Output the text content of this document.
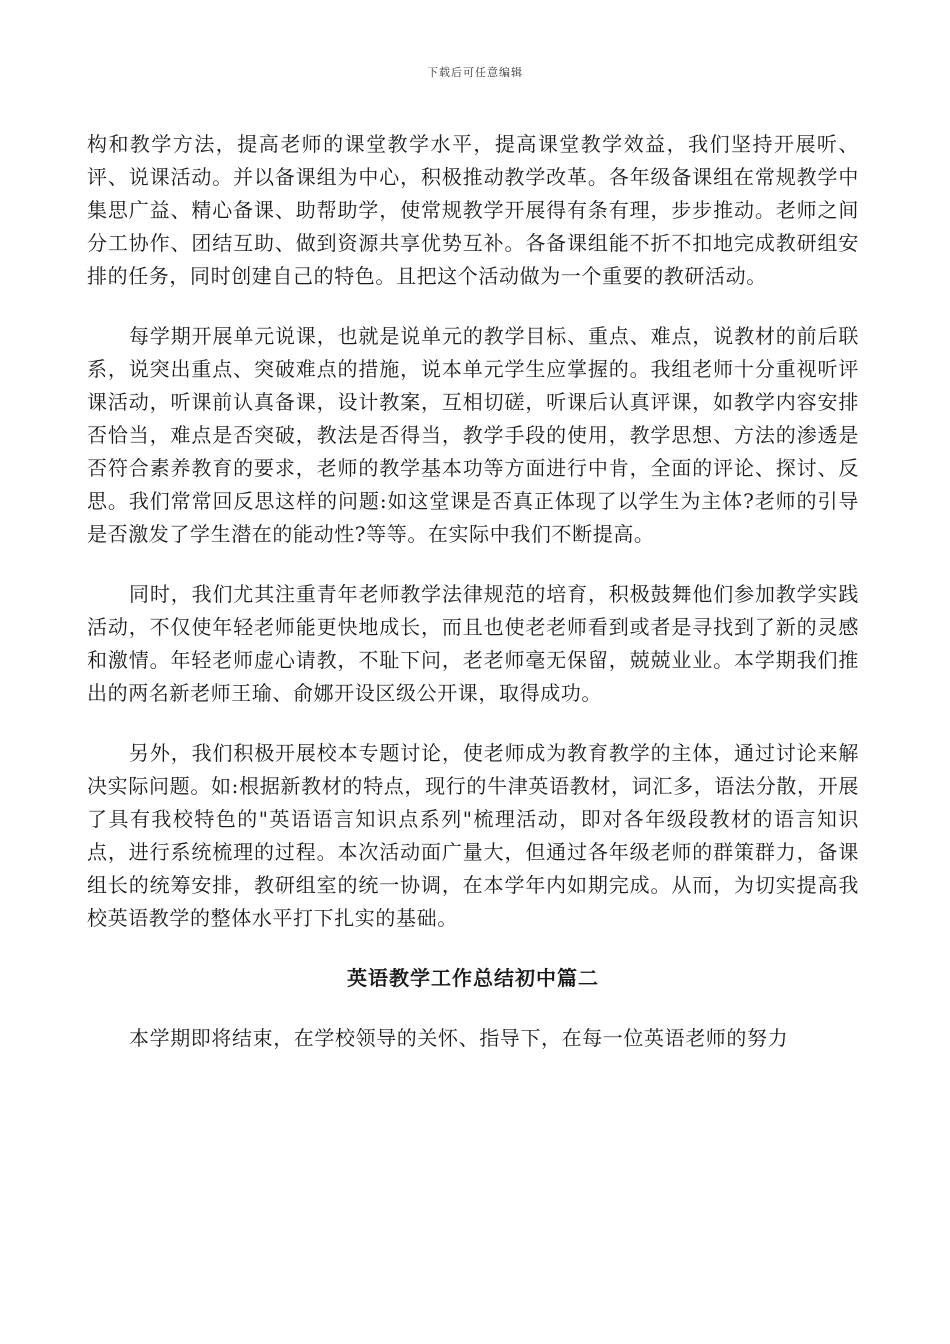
下载后可任意编辑

构和教学方法，提高老师的课堂教学水平，提高课堂教学效益，我们坚持开展听、评、说课活动。并以备课组为中心，积极推动教学改革。各年级备课组在常规教学中集思广益、精心备课、助帮助学，使常规教学开展得有条有理，步步推动。老师之间分工协作、团结互助、做到资源共享优势互补。各备课组能不折不扣地完成教研组安排的任务，同时创建自己的特色。且把这个活动做为一个重要的教研活动。

每学期开展单元说课，也就是说单元的教学目标、重点、难点，说教材的前后联系，说突出重点、突破难点的措施，说本单元学生应掌握的。我组老师十分重视听评课活动，听课前认真备课，设计教案，互相切磋，听课后认真评课，如教学内容安排否恰当，难点是否突破，教法是否得当，教学手段的使用，教学思想、方法的渗透是否符合素养教育的要求，老师的教学基本功等方面进行中肯，全面的评论、探讨、反思。我们常常回反思这样的问题:如这堂课是否真正体现了以学生为主体?老师的引导是否激发了学生潜在的能动性?等等。在实际中我们不断提高。

同时，我们尤其注重青年老师教学法律规范的培育，积极鼓舞他们参加教学实践活动，不仅使年轻老师能更快地成长，而且也使老老师看到或者是寻找到了新的灵感和激情。年轻老师虚心请教，不耻下问，老老师毫无保留，兢兢业业。本学期我们推出的两名新老师王瑜、俞娜开设区级公开课，取得成功。

另外，我们积极开展校本专题讨论，使老师成为教育教学的主体，通过讨论来解决实际问题。如:根据新教材的特点，现行的牛津英语教材，词汇多，语法分散，开展了具有我校特色的"英语语言知识点系列"梳理活动，即对各年级段教材的语言知识点，进行系统梳理的过程。本次活动面广量大，但通过各年级老师的群策群力，备课组长的统筹安排，教研组室的统一协调，在本学年内如期完成。从而，为切实提高我校英语教学的整体水平打下扎实的基础。

英语教学工作总结初中篇二

本学期即将结束，在学校领导的关怀、指导下，在每一位英语老师的努力
